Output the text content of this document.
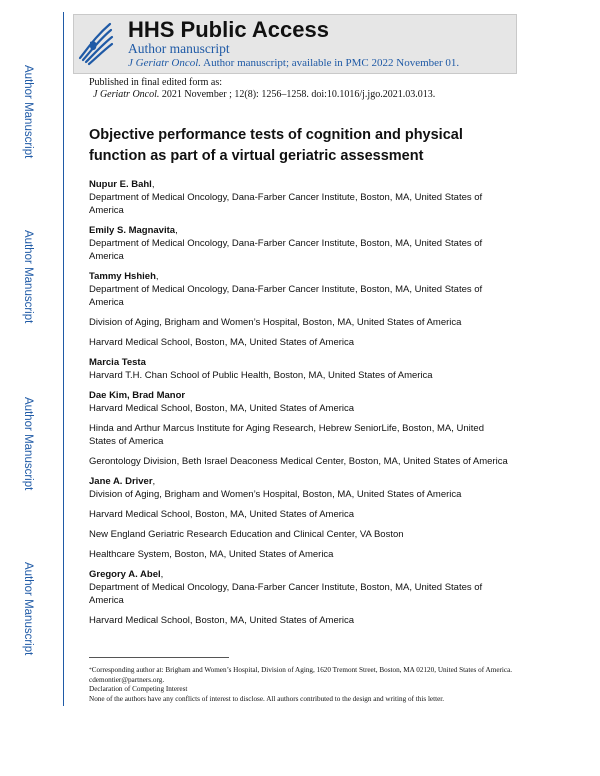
Author Manuscript
Author Manuscript
Author Manuscript
Author Manuscript
HHS Public Access
Author manuscript
J Geriatr Oncol. Author manuscript; available in PMC 2022 November 01.
Published in final edited form as:
J Geriatr Oncol. 2021 November ; 12(8): 1256–1258. doi:10.1016/j.jgo.2021.03.013.
Objective performance tests of cognition and physical function as part of a virtual geriatric assessment
Nupur E. Bahl,
Department of Medical Oncology, Dana-Farber Cancer Institute, Boston, MA, United States of America
Emily S. Magnavita,
Department of Medical Oncology, Dana-Farber Cancer Institute, Boston, MA, United States of America
Tammy Hshieh,
Department of Medical Oncology, Dana-Farber Cancer Institute, Boston, MA, United States of America
Division of Aging, Brigham and Women’s Hospital, Boston, MA, United States of America
Harvard Medical School, Boston, MA, United States of America
Marcia Testa
Harvard T.H. Chan School of Public Health, Boston, MA, United States of America
Dae Kim, Brad Manor
Harvard Medical School, Boston, MA, United States of America
Hinda and Arthur Marcus Institute for Aging Research, Hebrew SeniorLife, Boston, MA, United States of America
Gerontology Division, Beth Israel Deaconess Medical Center, Boston, MA, United States of America
Jane A. Driver,
Division of Aging, Brigham and Women’s Hospital, Boston, MA, United States of America
Harvard Medical School, Boston, MA, United States of America
New England Geriatric Research Education and Clinical Center, VA Boston
Healthcare System, Boston, MA, United States of America
Gregory A. Abel,
Department of Medical Oncology, Dana-Farber Cancer Institute, Boston, MA, United States of America
Harvard Medical School, Boston, MA, United States of America
*Corresponding author at: Brigham and Women’s Hospital, Division of Aging, 1620 Tremont Street, Boston, MA 02120, United States of America. cdemontier@partners.org.
Declaration of Competing Interest
None of the authors have any conflicts of interest to disclose. All authors contributed to the design and writing of this letter.
